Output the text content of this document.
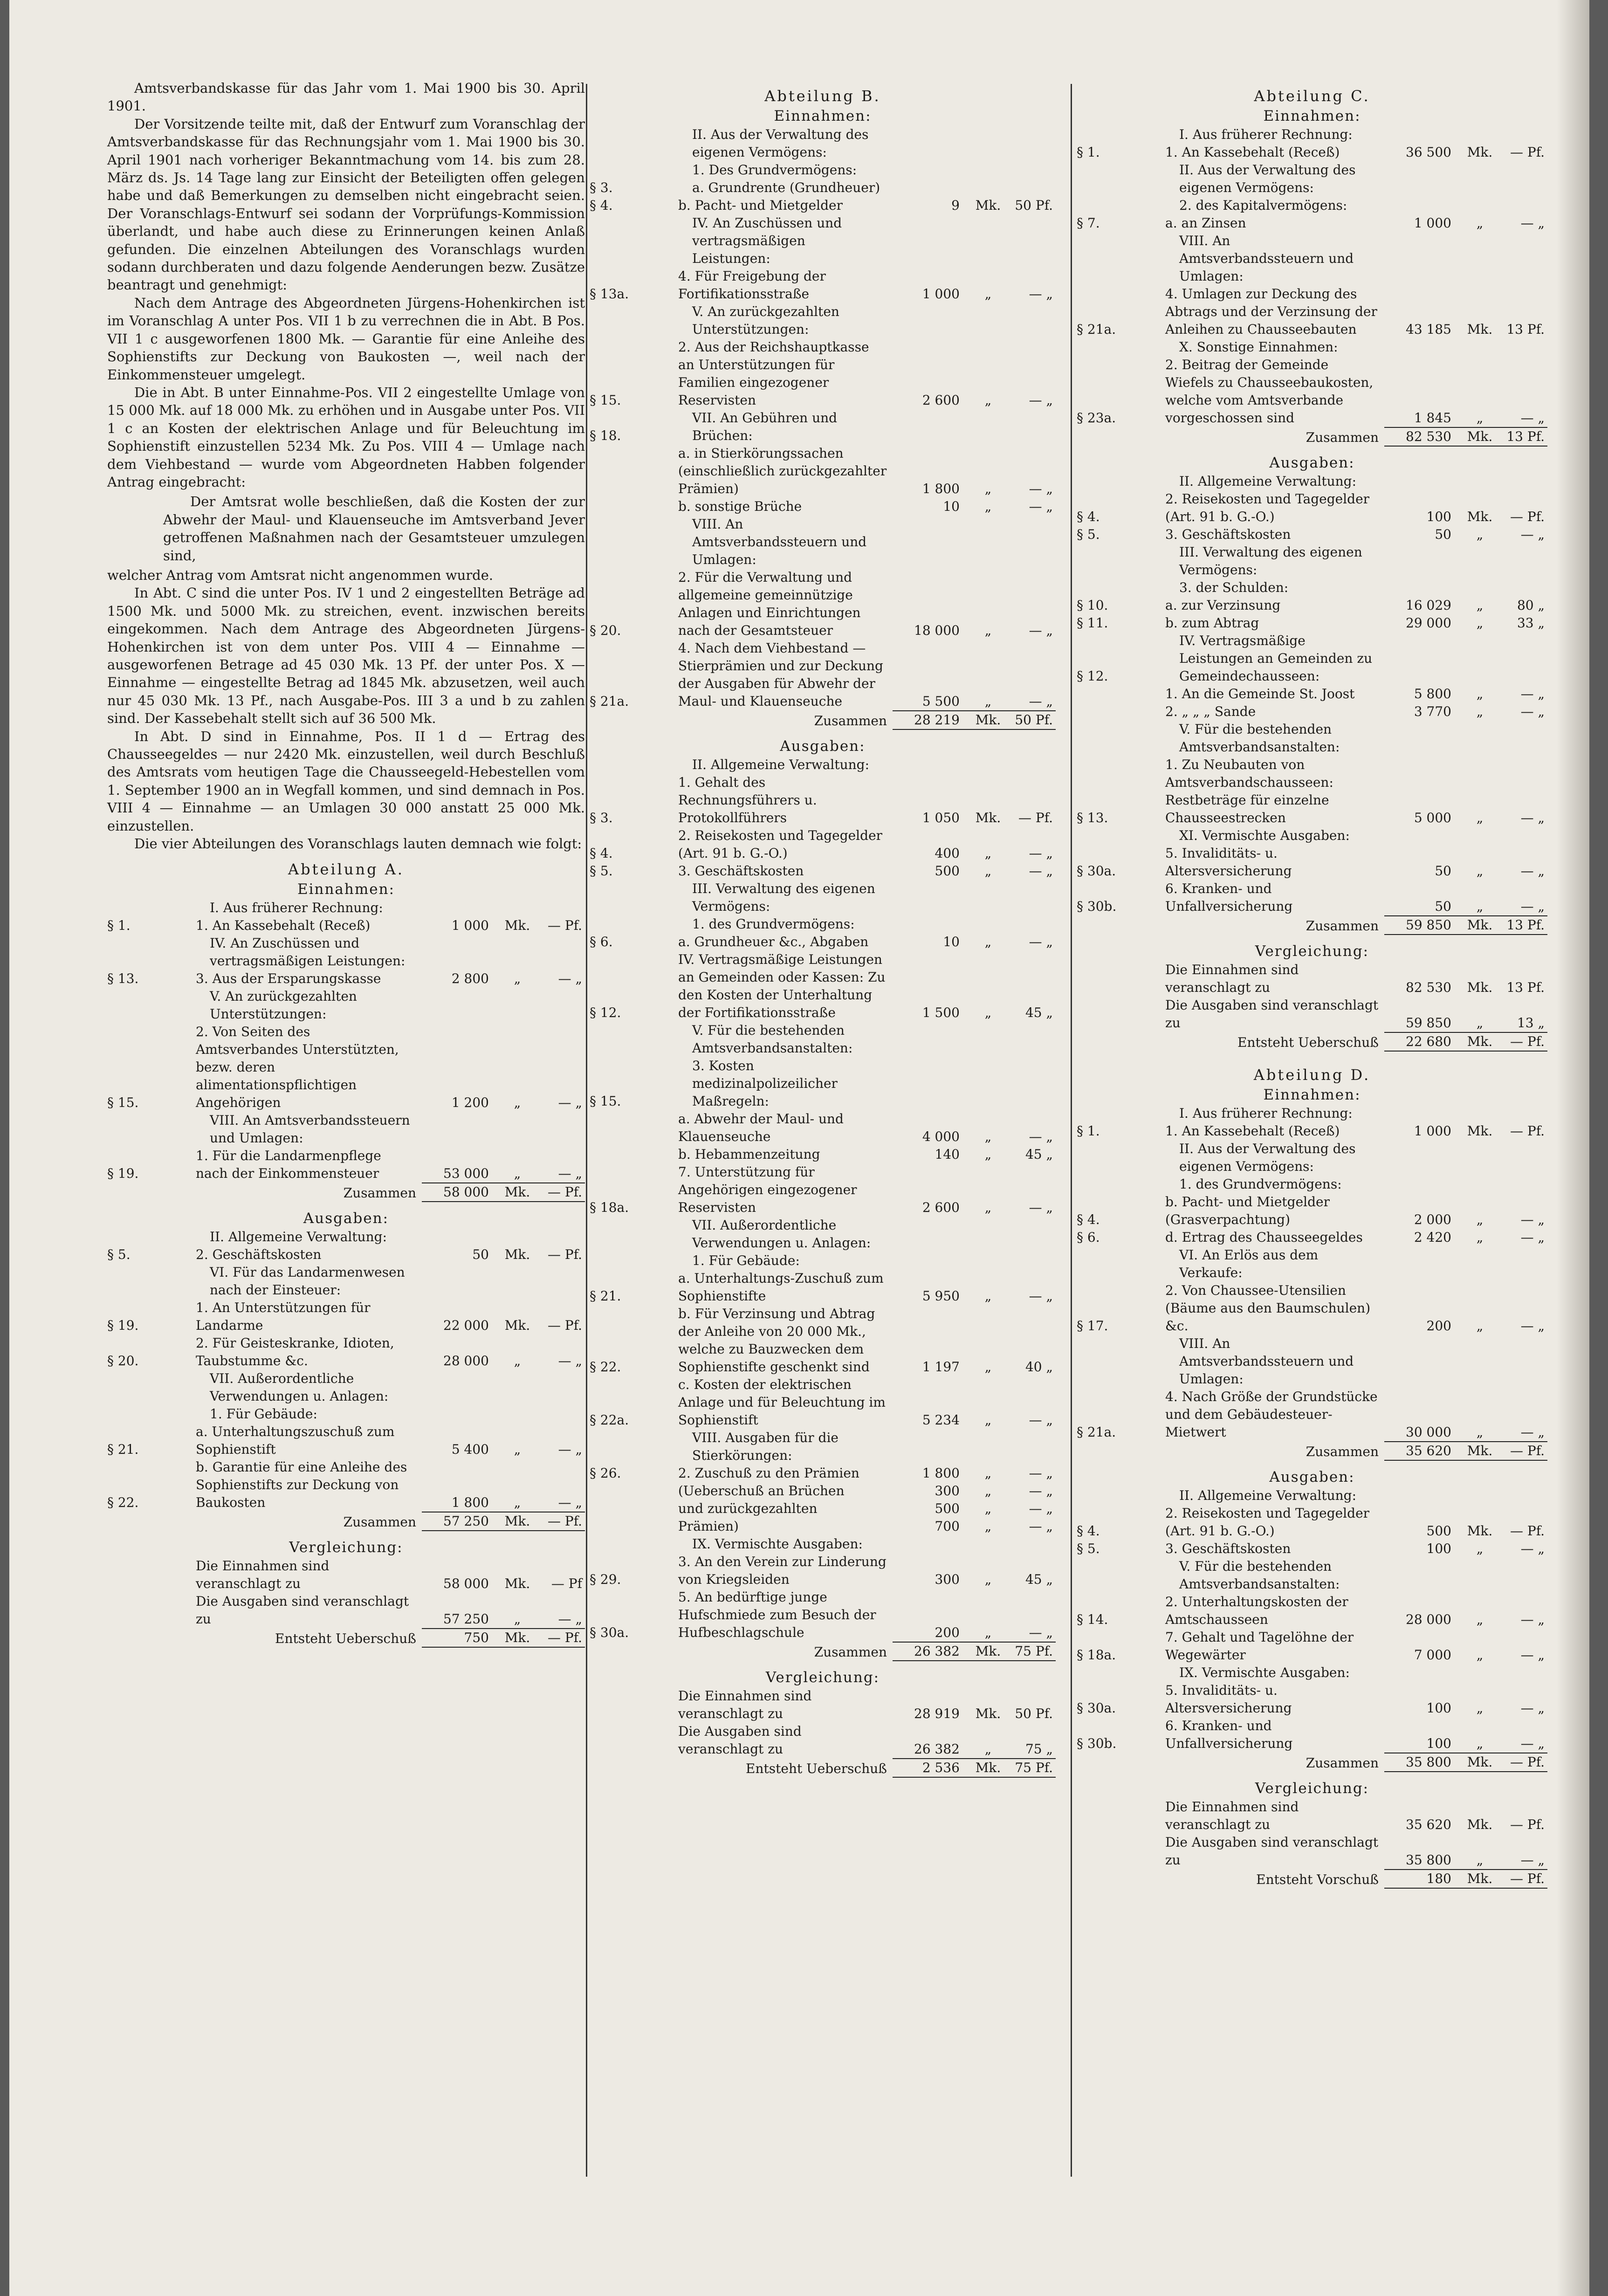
Amtsverbandskasse für das Jahr vom 1. Mai 1900 bis 30. April 1901.

Der Vorsitzende teilte mit, daß der Entwurf zum Voranschlag der Amtsverbandskasse für das Rechnungsjahr vom 1. Mai 1900 bis 30. April 1901 nach vorheriger Bekanntmachung vom 14. bis zum 28. März ds. Js. 14 Tage lang zur Einsicht der Beteiligten offen gelegen habe und daß Bemerkungen zu demselben nicht eingebracht seien. Der Voranschlags-Entwurf sei sodann der Vorprüfungs-Kommission überlandt, und habe auch diese zu Erinnerungen keinen Anlaß gefunden. Die einzelnen Abteilungen des Voranschlags wurden sodann durchberaten und dazu folgende Aenderungen bezw. Zusätze beantragt und genehmigt:

Nach dem Antrage des Abgeordneten Jürgens-Hohenkirchen ist im Voranschlag A unter Pos. VII 1 b zu verrechnen die in Abt. B Pos. VII 1 c ausgeworfenen 1800 Mk. — Garantie für eine Anleihe des Sophienstifts zur Deckung von Baukosten —, weil nach der Einkommensteuer umgelegt.

Die in Abt. B unter Einnahme-Pos. VII 2 eingestellte Umlage von 15 000 Mk. auf 18 000 Mk. zu erhöhen und in Ausgabe unter Pos. VII 1 c an Kosten der elektrischen Anlage und für Beleuchtung im Sophienstift einzustellen 5234 Mk. Zu Pos. VIII 4 — Umlage nach dem Viehbestand — wurde vom Abgeordneten Habben folgender Antrag eingebracht:

Der Amtsrat wolle beschließen, daß die Kosten der zur Abwehr der Maul- und Klauenseuche im Amtsverband Jever getroffenen Maßnahmen nach der Gesamtsteuer umzulegen sind,

welcher Antrag vom Amtsrat nicht angenommen wurde.

In Abt. C sind die unter Pos. IV 1 und 2 eingestellten Beträge ad 1500 Mk. und 5000 Mk. zu streichen, event. inzwischen bereits eingekommen. Nach dem Antrage des Abgeordneten Jürgens-Hohenkirchen ist von dem unter Pos. VIII 4 — Einnahme — ausgeworfenen Betrage ad 45 030 Mk. 13 Pf. der unter Pos. X — Einnahme — eingestellte Betrag ad 1845 Mk. abzusetzen, weil auch nur 45 030 Mk. 13 Pf., nach Ausgabe-Pos. III 3 a und b zu zahlen sind. Der Kassebehalt stellt sich auf 36 500 Mk.

In Abt. D sind in Einnahme, Pos. II 1 d — Ertrag des Chausseegeldes — nur 2420 Mk. einzustellen, weil durch Beschluß des Amtsrats vom heutigen Tage die Chausseegeld-Hebestellen vom 1. September 1900 an in Wegfall kommen, und sind demnach in Pos. VIII 4 — Einnahme — an Umlagen 30 000 anstatt 25 000 Mk. einzustellen.

Die vier Abteilungen des Voranschlags lauten demnach wie folgt:

Abteilung A.
Einnahmen:
I. Aus früherer Rechnung:
§ 1.	1. An Kassebehalt (Receß)	1 000	Mk.	— Pf.
IV. An Zuschüssen und vertragsmäßigen Leistungen:
§ 13.	3. Aus der Ersparungskasse	2 800	„	— „
V. An zurückgezahlten Unterstützungen:
§ 15.
2. Von Seiten des Amtsverbandes Unterstützten, bezw. deren alimentationspflichtigen Angehörigen	1 200	„	— „
VIII. An Amtsverbandssteuern und Umlagen:
§ 19.
1. Für die Landarmenpflege nach der Einkommensteuer	53 000	„	— „
Zusammen	58 000	Mk.	— Pf.
Ausgaben:
II. Allgemeine Verwaltung:
§ 5.	2. Geschäftskosten	50	Mk.	— Pf.
VI. Für das Landarmenwesen nach der Einsteuer:
§ 19.
1. An Unterstützungen für Landarme	22 000	Mk.	— Pf.
§ 20.
2. Für Geisteskranke, Idioten, Taubstumme &c.	28 000	„	— „
VII. Außerordentliche Verwendungen u. Anlagen:
1. Für Gebäude:
§ 21.
a. Unterhaltungszuschuß zum Sophienstift	5 400	„	— „
§ 22.
b. Garantie für eine Anleihe des Sophienstifts zur Deckung von Baukosten	1 800	„	— „
Zusammen	57 250	Mk.	— Pf.
Vergleichung:
Die Einnahmen sind veranschlagt zu	58 000	Mk.	— Pf
Die Ausgaben sind veranschlagt zu	57 250	„	— „
Entsteht Ueberschuß	750	Mk.	— Pf.
Abteilung B.
Einnahmen:
II. Aus der Verwaltung des eigenen Vermögens:
1. Des Grundvermögens:
§ 3.	a. Grundrente (Grundheuer)
§ 4.	b. Pacht- und Mietgelder	9	Mk.	50 Pf.
IV. An Zuschüssen und vertragsmäßigen Leistungen:
§ 13a.
4. Für Freigebung der Fortifikationsstraße	1 000	„	— „
V. An zurückgezahlten Unterstützungen:
§ 15.
2. Aus der Reichshauptkasse an Unterstützungen für Familien eingezogener Reservisten	2 600	„	— „
§ 18.
VII. An Gebühren und Brüchen:
a. in Stierkörungssachen (einschließlich zurückgezahlter Prämien)	1 800	„	— „
b. sonstige Brüche	10	„	— „
VIII. An Amtsverbandssteuern und Umlagen:
§ 20.
2. Für die Verwaltung und allgemeine gemeinnützige Anlagen und Einrichtungen nach der Gesamtsteuer	18 000	„	— „
§ 21a.
4. Nach dem Viehbestand — Stierprämien und zur Deckung der Ausgaben für Abwehr der Maul- und Klauenseuche	5 500	„	— „
Zusammen	28 219	Mk.	50 Pf.
Ausgaben:
II. Allgemeine Verwaltung:
§ 3.
1. Gehalt des Rechnungsführers u. Protokollführers	1 050	Mk.	— Pf.
§ 4.
2. Reisekosten und Tagegelder (Art. 91 b. G.-O.)	400	„	— „
§ 5.	3. Geschäftskosten	500	„	— „
III. Verwaltung des eigenen Vermögens:
1. des Grundvermögens:
§ 6.	a. Grundheuer &c., Abgaben	10	„	— „
§ 12.
IV. Vertragsmäßige Leistungen an Gemeinden oder Kassen: Zu den Kosten der Unterhaltung der Fortifikationsstraße	1 500	„	45 „
V. Für die bestehenden Amtsverbandsanstalten:
§ 15.
3. Kosten medizinalpolizeilicher Maßregeln:
a. Abwehr der Maul- und Klauenseuche	4 000	„	— „
b. Hebammenzeitung	140	„	45 „
§ 18a.
7. Unterstützung für Angehörigen eingezogener Reservisten	2 600	„	— „
VII. Außerordentliche Verwendungen u. Anlagen:
1. Für Gebäude:
§ 21.
a. Unterhaltungs-Zuschuß zum Sophienstifte	5 950	„	— „
§ 22.
b. Für Verzinsung und Abtrag der Anleihe von 20 000 Mk., welche zu Bauzwecken dem Sophienstifte geschenkt sind	1 197	„	40 „
§ 22a.
c. Kosten der elektrischen Anlage und für Beleuchtung im Sophienstift	5 234	„	— „
VIII. Ausgaben für die Stierkörungen:
§ 26.	2. Zuschuß zu den Prämien	1 800	„	— „
(Ueberschuß an Brüchen	300	„	— „
und zurückgezahlten	500	„	— „
Prämien)	700	„	— „
IX. Vermischte Ausgaben:
§ 29.
3. An den Verein zur Linderung von Kriegsleiden	300	„	45 „
§ 30a.
5. An bedürftige junge Hufschmiede zum Besuch der Hufbeschlagschule	200	„	— „
Zusammen	26 382	Mk.	75 Pf.
Vergleichung:
Die Einnahmen sind veranschlagt zu	28 919	Mk.	50 Pf.
Die Ausgaben sind veranschlagt zu	26 382	„	75 „
Entsteht Ueberschuß	2 536	Mk.	75 Pf.
Abteilung C.
Einnahmen:
I. Aus früherer Rechnung:
§ 1.	1. An Kassebehalt (Receß)	36 500	Mk.	— Pf.
II. Aus der Verwaltung des eigenen Vermögens:
2. des Kapitalvermögens:
§ 7.	a. an Zinsen	1 000	„	— „
VIII. An Amtsverbandssteuern und Umlagen:
§ 21a.
4. Umlagen zur Deckung des Abtrags und der Verzinsung der Anleihen zu Chausseebauten	43 185	Mk.	13 Pf.
X. Sonstige Einnahmen:
§ 23a.
2. Beitrag der Gemeinde Wiefels zu Chausseebaukosten, welche vom Amtsverbande vorgeschossen sind	1 845	„	— „
Zusammen	82 530	Mk.	13 Pf.
Ausgaben:
II. Allgemeine Verwaltung:
§ 4.
2. Reisekosten und Tagegelder (Art. 91 b. G.-O.)	100	Mk.	— Pf.
§ 5.	3. Geschäftskosten	50	„	— „
III. Verwaltung des eigenen Vermögens:
3. der Schulden:
§ 10.	a. zur Verzinsung	16 029	„	80 „
§ 11.	b. zum Abtrag	29 000	„	33 „
§ 12.
IV. Vertragsmäßige Leistungen an Gemeinden zu Gemeindechausseen:
1. An die Gemeinde St. Joost	5 800	„	— „
2. „ „ „ Sande	3 770	„	— „
V. Für die bestehenden Amtsverbandsanstalten:
§ 13.
1. Zu Neubauten von Amtsverbandschausseen: Restbeträge für einzelne Chausseestrecken	5 000	„	— „
XI. Vermischte Ausgaben:
§ 30a.
5. Invaliditäts- u. Altersversicherung	50	„	— „
§ 30b.
6. Kranken- und Unfallversicherung	50	„	— „
Zusammen	59 850	Mk.	13 Pf.
Vergleichung:
Die Einnahmen sind veranschlagt zu	82 530	Mk.	13 Pf.
Die Ausgaben sind veranschlagt zu	59 850	„	13 „
Entsteht Ueberschuß	22 680	Mk.	— Pf.
Abteilung D.
Einnahmen:
I. Aus früherer Rechnung:
§ 1.	1. An Kassebehalt (Receß)	1 000	Mk.	— Pf.
II. Aus der Verwaltung des eigenen Vermögens:
1. des Grundvermögens:
§ 4.
b. Pacht- und Mietgelder (Grasverpachtung)	2 000	„	— „
§ 6.	d. Ertrag des Chausseegeldes	2 420	„	— „
VI. An Erlös aus dem Verkaufe:
§ 17.
2. Von Chaussee-Utensilien (Bäume aus den Baumschulen) &c.	200	„	— „
VIII. An Amtsverbandssteuern und Umlagen:
§ 21a.
4. Nach Größe der Grundstücke und dem Gebäudesteuer-Mietwert	30 000	„	— „
Zusammen	35 620	Mk.	— Pf.
Ausgaben:
II. Allgemeine Verwaltung:
§ 4.
2. Reisekosten und Tagegelder (Art. 91 b. G.-O.)	500	Mk.	— Pf.
§ 5.	3. Geschäftskosten	100	„	— „
V. Für die bestehenden Amtsverbandsanstalten:
§ 14.
2. Unterhaltungskosten der Amtschausseen	28 000	„	— „
§ 18a.
7. Gehalt und Tagelöhne der Wegewärter	7 000	„	— „
IX. Vermischte Ausgaben:
§ 30a.
5. Invaliditäts- u. Altersversicherung	100	„	— „
§ 30b.
6. Kranken- und Unfallversicherung	100	„	— „
Zusammen	35 800	Mk.	— Pf.
Vergleichung:
Die Einnahmen sind veranschlagt zu	35 620	Mk.	— Pf.
Die Ausgaben sind veranschlagt zu	35 800	„	— „
Entsteht Vorschuß	180	Mk.	— Pf.
